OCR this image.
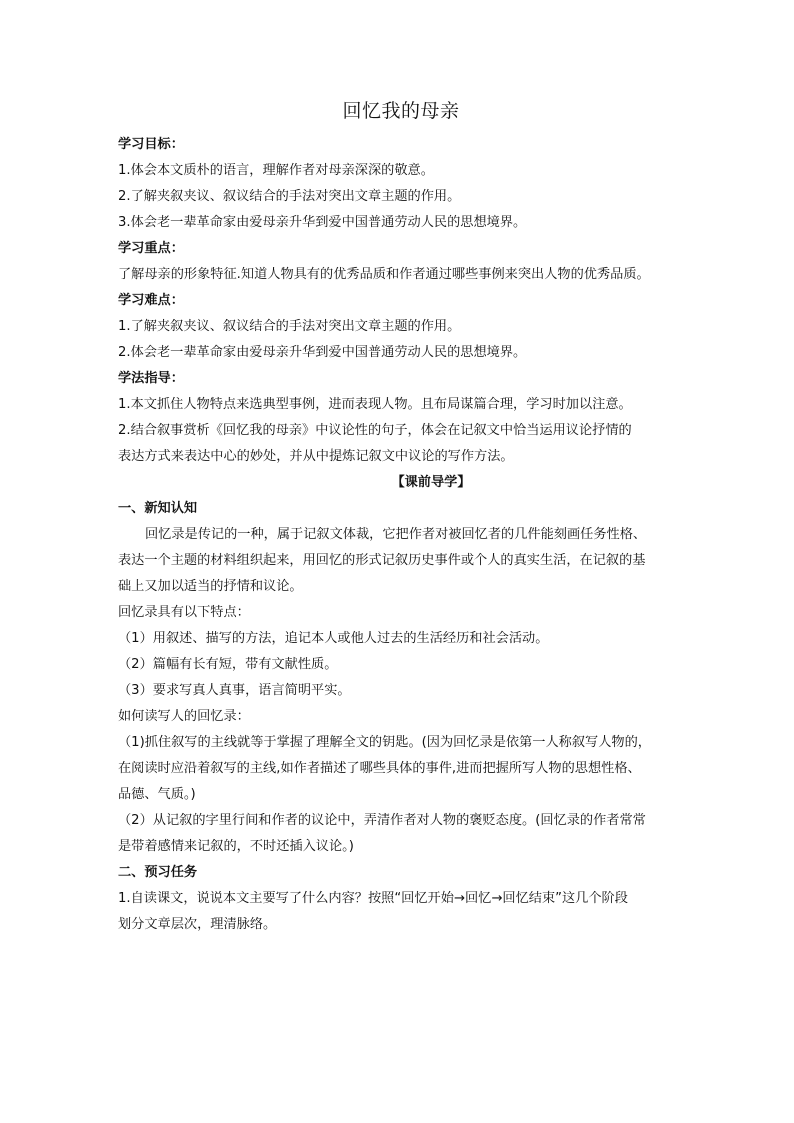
回忆我的母亲

学习目标：

1.体会本文质朴的语言，理解作者对母亲深深的敬意。

2.了解夹叙夹议、叙议结合的手法对突出文章主题的作用。

3.体会老一辈革命家由爱母亲升华到爱中国普通劳动人民的思想境界。

学习重点：

了解母亲的形象特征.知道人物具有的优秀品质和作者通过哪些事例来突出人物的优秀品质。

学习难点：

1.了解夹叙夹议、叙议结合的手法对突出文章主题的作用。

2.体会老一辈革命家由爱母亲升华到爱中国普通劳动人民的思想境界。

学法指导：

1.本文抓住人物特点来选典型事例，进而表现人物。且布局谋篇合理，学习时加以注意。

2.结合叙事赏析《回忆我的母亲》中议论性的句子，体会在记叙文中恰当运用议论抒情的

表达方式来表达中心的妙处，并从中提炼记叙文中议论的写作方法。

【课前导学】

一、新知认知

回忆录是传记的一种，属于记叙文体裁，它把作者对被回忆者的几件能刻画任务性格、

表达一个主题的材料组织起来，用回忆的形式记叙历史事件或个人的真实生活，在记叙的基

础上又加以适当的抒情和议论。

回忆录具有以下特点：

（1）用叙述、描写的方法，追记本人或他人过去的生活经历和社会活动。

（2）篇幅有长有短，带有文献性质。

（3）要求写真人真事，语言简明平实。

如何读写人的回忆录：

（1)抓住叙写的主线就等于掌握了理解全文的钥匙。(因为回忆录是依第一人称叙写人物的，

在阅读时应沿着叙写的主线,如作者描述了哪些具体的事件,进而把握所写人物的思想性格、

品德、气质。)

（2）从记叙的字里行间和作者的议论中，弄清作者对人物的褒贬态度。(回忆录的作者常常

是带着感情来记叙的，不时还插入议论。)

二、预习任务

1.自读课文，说说本文主要写了什么内容？按照“回忆开始→回忆→回忆结束”这几个阶段

划分文章层次，理清脉络。
